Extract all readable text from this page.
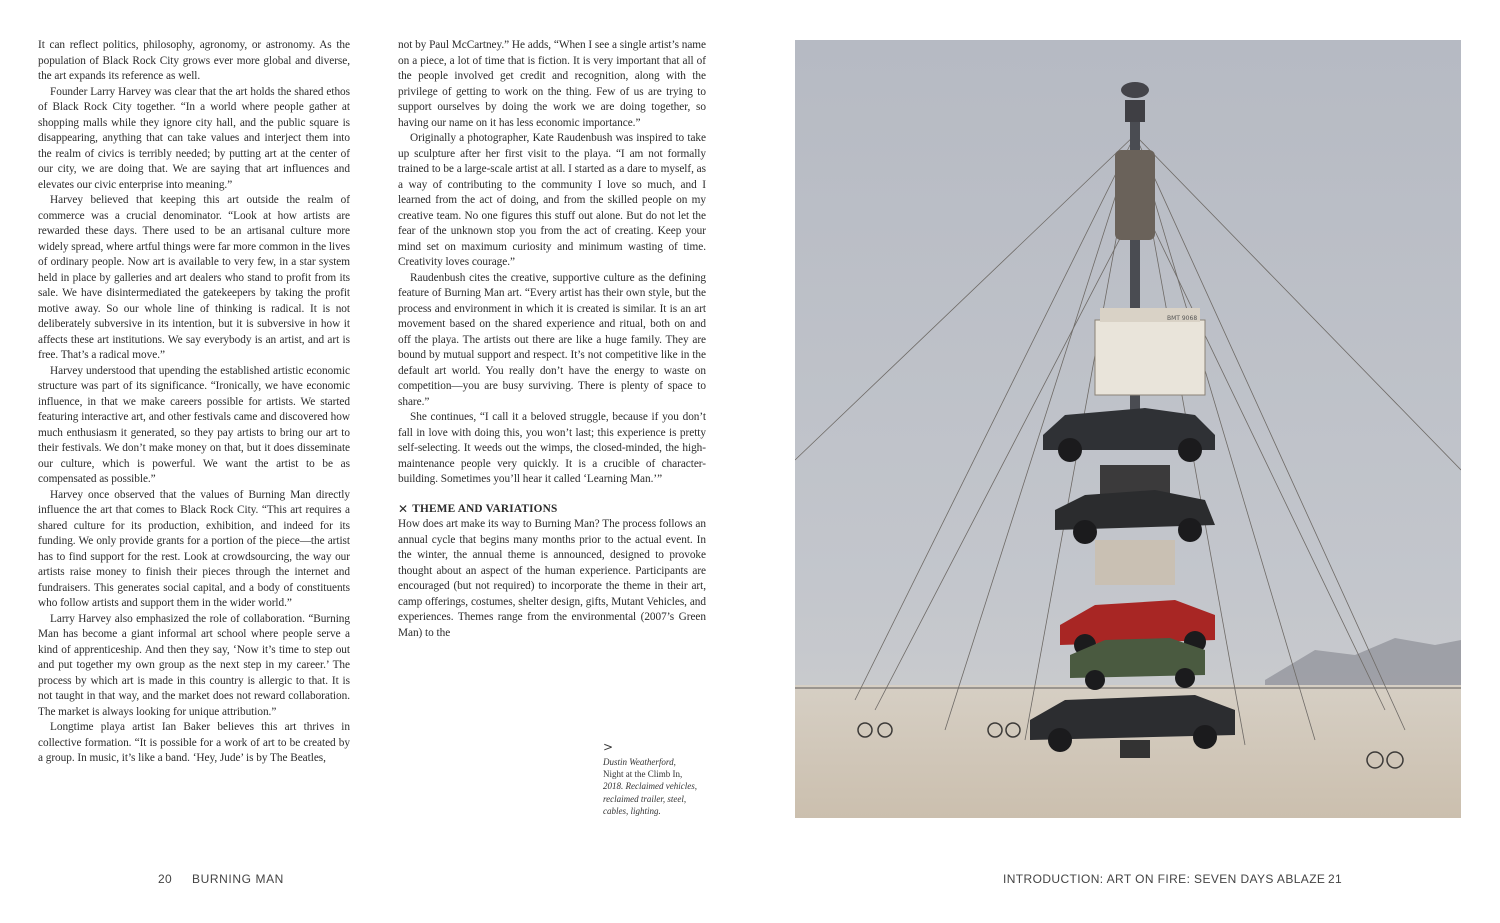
It can reflect politics, philosophy, agronomy, or astronomy. As the population of Black Rock City grows ever more global and diverse, the art expands its reference as well.

Founder Larry Harvey was clear that the art holds the shared ethos of Black Rock City together. “In a world where people gather at shopping malls while they ignore city hall, and the public square is disappearing, anything that can take values and interject them into the realm of civics is terribly needed; by putting art at the center of our city, we are doing that. We are saying that art influences and elevates our civic enterprise into meaning.”

Harvey believed that keeping this art outside the realm of commerce was a crucial denominator. “Look at how artists are rewarded these days. There used to be an artisanal culture more widely spread, where artful things were far more common in the lives of ordinary people. Now art is available to very few, in a star system held in place by galleries and art dealers who stand to profit from its sale. We have disintermediated the gatekeepers by taking the profit motive away. So our whole line of thinking is radical. It is not deliberately subversive in its intention, but it is subversive in how it affects these art institutions. We say everybody is an artist, and art is free. That’s a radical move.”

Harvey understood that upending the established artistic economic structure was part of its significance. “Ironically, we have economic influence, in that we make careers possible for artists. We started featuring interactive art, and other festivals came and discovered how much enthusiasm it generated, so they pay artists to bring our art to their festivals. We don’t make money on that, but it does disseminate our culture, which is powerful. We want the artist to be as compensated as possible.”

Harvey once observed that the values of Burning Man directly influence the art that comes to Black Rock City. “This art requires a shared culture for its production, exhibition, and indeed for its funding. We only provide grants for a portion of the piece—the artist has to find support for the rest. Look at crowdsourcing, the way our artists raise money to finish their pieces through the internet and fundraisers. This generates social capital, and a body of constituents who follow artists and support them in the wider world.”

Larry Harvey also emphasized the role of collaboration. “Burning Man has become a giant informal art school where people serve a kind of apprenticeship. And then they say, ‘Now it’s time to step out and put together my own group as the next step in my career.’ The process by which art is made in this country is allergic to that. It is not taught in that way, and the market does not reward collaboration. The market is always looking for unique attribution.”

Longtime playa artist Ian Baker believes this art thrives in collective formation. “It is possible for a work of art to be created by a group. In music, it’s like a band. ‘Hey, Jude’ is by The Beatles,

not by Paul McCartney.” He adds, “When I see a single artist’s name on a piece, a lot of time that is fiction. It is very important that all of the people involved get credit and recognition, along with the privilege of getting to work on the thing. Few of us are trying to support ourselves by doing the work we are doing together, so having our name on it has less economic importance.”

Originally a photographer, Kate Raudenbush was inspired to take up sculpture after her first visit to the playa. “I am not formally trained to be a large-scale artist at all. I started as a dare to myself, as a way of contributing to the community I love so much, and I learned from the act of doing, and from the skilled people on my creative team. No one figures this stuff out alone. But do not let the fear of the unknown stop you from the act of creating. Keep your mind set on maximum curiosity and minimum wasting of time. Creativity loves courage.”

Raudenbush cites the creative, supportive culture as the defining feature of Burning Man art. “Every artist has their own style, but the process and environment in which it is created is similar. It is an art movement based on the shared experience and ritual, both on and off the playa. The artists out there are like a huge family. They are bound by mutual support and respect. It’s not competitive like in the default art world. You really don’t have the energy to waste on competition—you are busy surviving. There is plenty of space to share.”

She continues, “I call it a beloved struggle, because if you don’t fall in love with doing this, you won’t last; this experience is pretty self-selecting. It weeds out the wimps, the closed-minded, the high-maintenance people very quickly. It is a crucible of character-building. Sometimes you’ll hear it called ‘Learning Man.’”

✕ THEME AND VARIATIONS

How does art make its way to Burning Man? The process follows an annual cycle that begins many months prior to the actual event. In the winter, the annual theme is announced, designed to provoke thought about an aspect of the human experience. Participants are encouraged (but not required) to incorporate the theme in their art, camp offerings, costumes, shelter design, gifts, Mutant Vehicles, and experiences. Themes range from the environmental (2007’s Green Man) to the

>
Dustin Weatherford,
Night at the Climb In,
2018. Reclaimed vehicles, reclaimed trailer, steel, cables, lighting.
BMT 9068
20 BURNING MAN	INTRODUCTION: ART ON FIRE: SEVEN DAYS ABLAZE 21
